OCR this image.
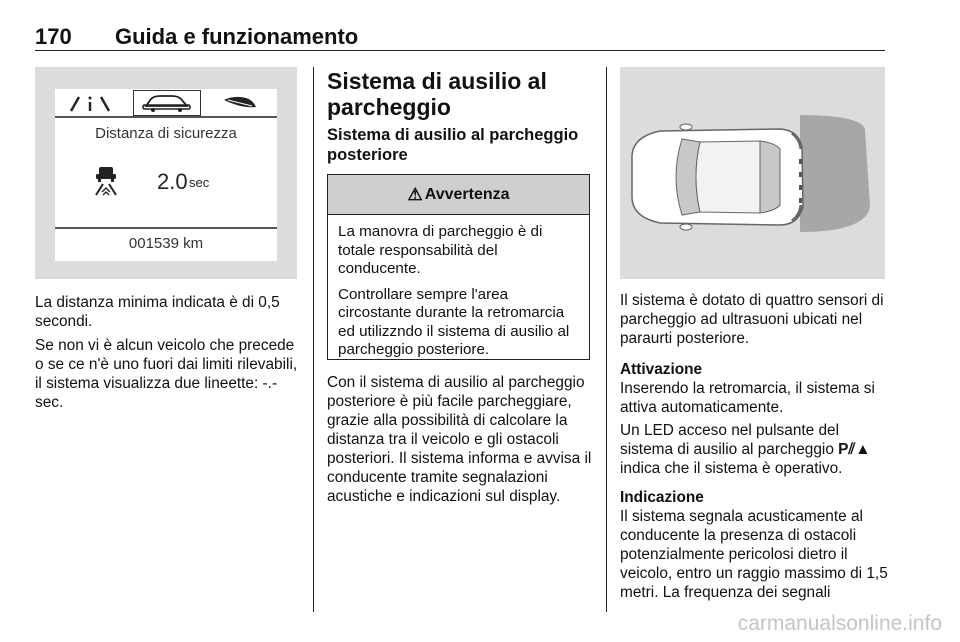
170 Guida e funzionamento
Distanza di sicurezza
2.0 sec
001539 km
La distanza minima indicata è di 0,5 secondi.
Se non vi è alcun veicolo che precede o se ce n'è uno fuori dai limiti rilevabili, il sistema visualizza due lineette: -.- sec.
Sistema di ausilio al parcheggio
Sistema di ausilio al parcheggio posteriore
⚠ Avvertenza

La manovra di parcheggio è di totale responsabilità del conducente.

Controllare sempre l'area circostante durante la retromarcia ed utilizzndo il sistema di ausilio al parcheggio posteriore.

Con il sistema di ausilio al parcheggio posteriore è più facile parcheggiare, grazie alla possibilità di calcolare la distanza tra il veicolo e gli ostacoli posteriori. Il sistema informa e avvisa il conducente tramite segnalazioni acustiche e indicazioni sul display.
Il sistema è dotato di quattro sensori di parcheggio ad ultrasuoni ubicati nel paraurti posteriore.
Attivazione
Inserendo la retromarcia, il sistema si attiva automaticamente.
Un LED acceso nel pulsante del sistema di ausilio al parcheggio P⫽▲ indica che il sistema è operativo.
Indicazione
Il sistema segnala acusticamente al conducente la presenza di ostacoli potenzialmente pericolosi dietro il veicolo, entro un raggio massimo di 1,5 metri. La frequenza dei segnali
carmanualsonline.info
